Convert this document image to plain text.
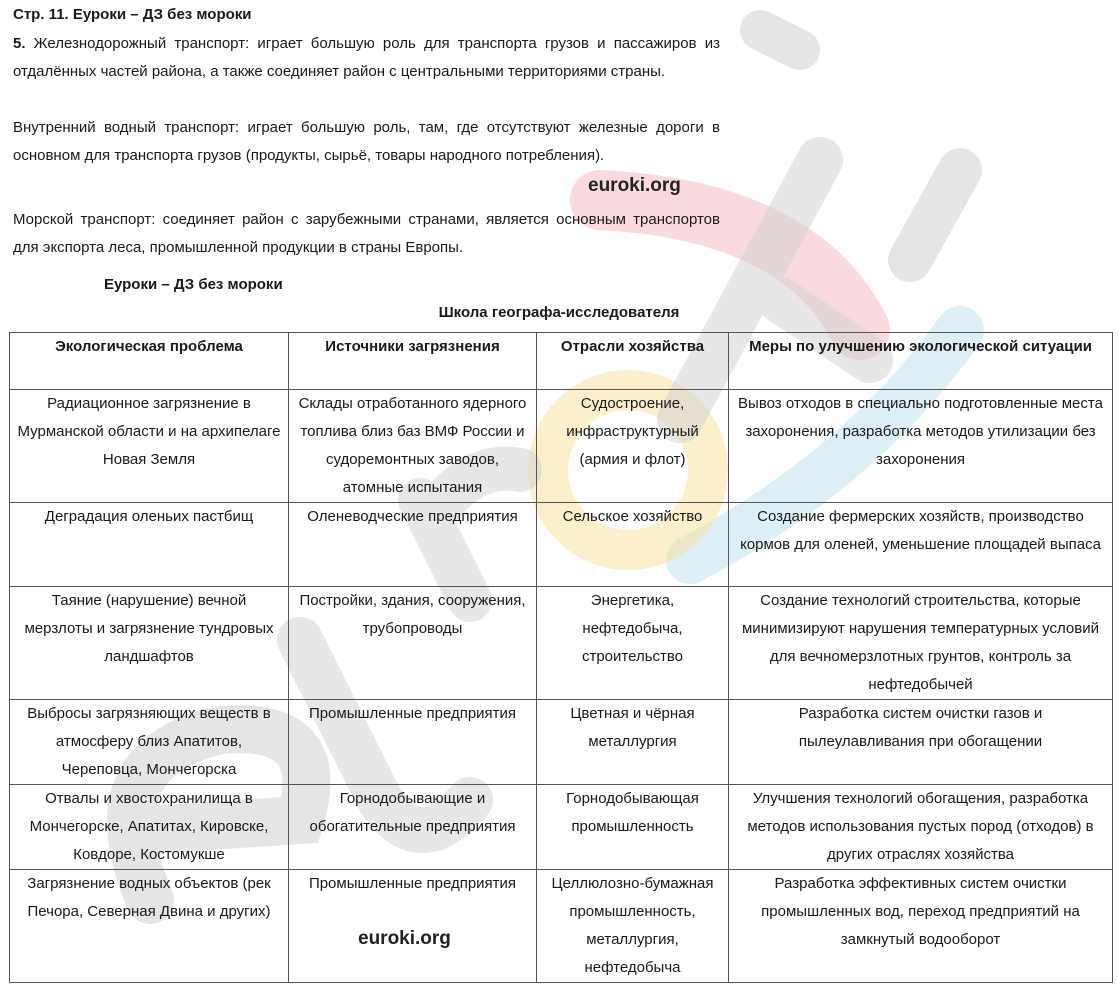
Стр. 11. Еуроки – ДЗ без мороки
5. Железнодорожный транспорт: играет большую роль для транспорта грузов и пассажиров из отдалённых частей района, а также соединяет район с центральными территориями страны.
Внутренний водный транспорт: играет большую роль, там, где отсутствуют железные дороги в основном для транспорта грузов (продукты, сырьё, товары народного потребления).
euroki.org
Морской транспорт: соединяет район с зарубежными странами, является основным транспортов для экспорта леса, промышленной продукции в страны Европы.
Еуроки – ДЗ без мороки
Школа географа-исследователя
Экологическая проблема	Источники загрязнения	Отрасли хозяйства	Меры по улучшению экологической ситуации
Радиационное загрязнение в Мурманской области и на архипелаге Новая Земля	Склады отработанного ядерного топлива близ баз ВМФ России и судоремонтных заводов, атомные испытания	Судостроение, инфраструктурный (армия и флот)	Вывоз отходов в специально подготовленные места захоронения, разработка методов утилизации без захоронения
Деградация оленьих пастбищ	Оленеводческие предприятия	Сельское хозяйство	Создание фермерских хозяйств, производство кормов для оленей, уменьшение площадей выпаса
Таяние (нарушение) вечной мерзлоты и загрязнение тундровых ландшафтов	Постройки, здания, сооружения, трубопроводы	Энергетика, нефтедобыча, строительство	Создание технологий строительства, которые минимизируют нарушения температурных условий для вечномерзлотных грунтов, контроль за нефтедобычей
Выбросы загрязняющих веществ в атмосферу близ Апатитов, Череповца, Мончегорска	Промышленные предприятия	Цветная и чёрная металлургия	Разработка систем очистки газов и пылеулавливания при обогащении
Отвалы и хвостохранилища в Мончегорске, Апатитах, Кировске, Ковдоре, Костомукше	Горнодобывающие и обогатительные предприятия	Горнодобывающая промышленность	Улучшения технологий обогащения, разработка методов использования пустых пород (отходов) в других отраслях хозяйства
Загрязнение водных объектов (рек Печора, Северная Двина и других)	Промышленные предприятия	Целлюлозно-бумажная промышленность, металлургия, нефтедобыча	Разработка эффективных систем очистки промышленных вод, переход предприятий на замкнутый водооборот
euroki.org
